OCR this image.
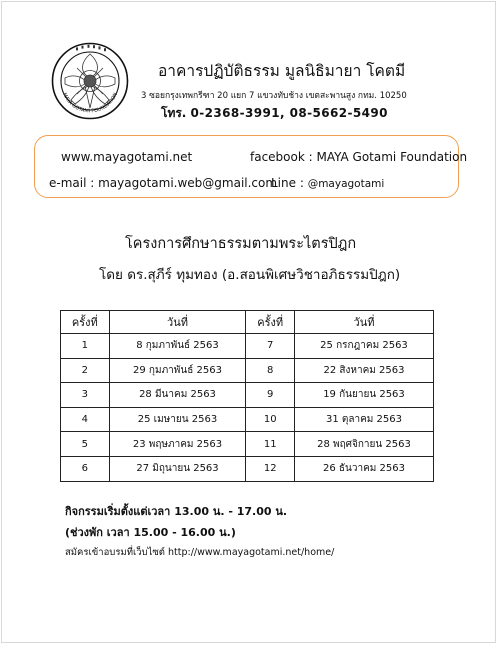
MAYA GOTAMI FOUNDATION
อาคารปฏิบัติธรรม มูลนิธิมายา โคตมี
3 ซอยกรุงเทพกรีฑา 20 แยก 7 แขวงทับช้าง เขตสะพานสูง กทม. 10250
โทร. 0-2368-3991, 08-5662-5490
www.mayagotami.net	facebook : MAYA Gotami Foundation
e-mail : mayagotami.web@gmail.com
Line : @mayagotami
โครงการศึกษาธรรมตามพระไตรปิฎก
โดย ดร.สุภีร์ ทุมทอง (อ.สอนพิเศษวิชาอภิธรรมปิฎก)
ครั้งที่	วันที่	ครั้งที่	วันที่
1	8 กุมภาพันธ์ 2563	7	25 กรกฎาคม 2563
2	29 กุมภาพันธ์ 2563	8	22 สิงหาคม 2563
3	28 มีนาคม 2563	9	19 กันยายน 2563
4	25 เมษายน 2563	10	31 ตุลาคม 2563
5	23 พฤษภาคม 2563	11	28 พฤศจิกายน 2563
6	27 มิถุนายน 2563	12	26 ธันวาคม 2563
กิจกรรมเริ่มตั้งแต่เวลา 13.00 น. - 17.00 น.
(ช่วงพัก เวลา 15.00 - 16.00 น.)
สมัครเข้าอบรมที่เว็บไซต์ http://www.mayagotami.net/home/
